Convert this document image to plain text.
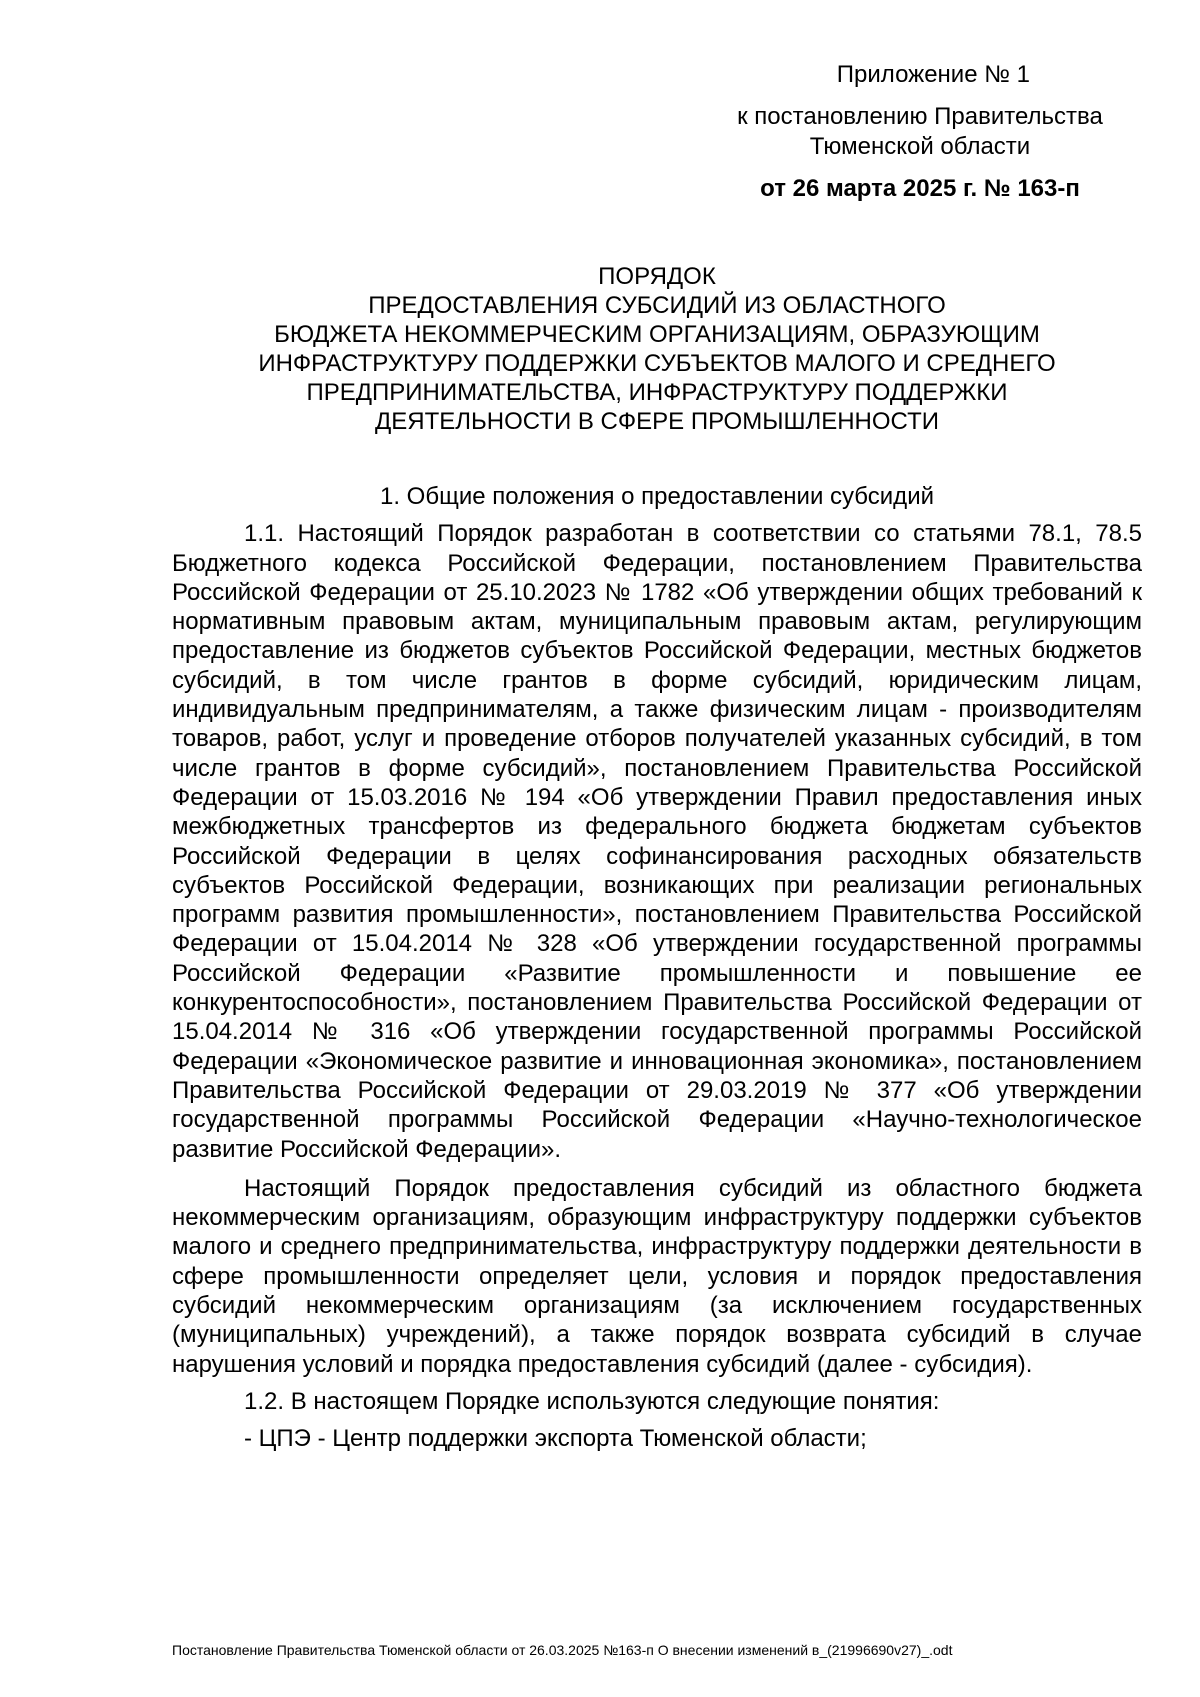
Приложение № 1
к постановлению Правительства Тюменской области
от 26 марта 2025 г. № 163-п
ПОРЯДОК
ПРЕДОСТАВЛЕНИЯ СУБСИДИЙ ИЗ ОБЛАСТНОГО
БЮДЖЕТА НЕКОММЕРЧЕСКИМ ОРГАНИЗАЦИЯМ, ОБРАЗУЮЩИМ
ИНФРАСТРУКТУРУ ПОДДЕРЖКИ СУБЪЕКТОВ МАЛОГО И СРЕДНЕГО
ПРЕДПРИНИМАТЕЛЬСТВА, ИНФРАСТРУКТУРУ ПОДДЕРЖКИ
ДЕЯТЕЛЬНОСТИ В СФЕРЕ ПРОМЫШЛЕННОСТИ
1. Общие положения о предоставлении субсидий

1.1. Настоящий Порядок разработан в соответствии со статьями 78.1, 78.5 Бюджетного кодекса Российской Федерации, постановлением Правительства Российской Федерации от 25.10.2023 № 1782 «Об утверждении общих требований к нормативным правовым актам, муниципальным правовым актам, регулирующим предоставление из бюджетов субъектов Российской Федерации, местных бюджетов субсидий, в том числе грантов в форме субсидий, юридическим лицам, индивидуальным предпринимателям, а также физическим лицам - производителям товаров, работ, услуг и проведение отборов получателей указанных субсидий, в том числе грантов в форме субсидий», постановлением Правительства Российской Федерации от 15.03.2016 № 194 «Об утверждении Правил предоставления иных межбюджетных трансфертов из федерального бюджета бюджетам субъектов Российской Федерации в целях софинансирования расходных обязательств субъектов Российской Федерации, возникающих при реализации региональных программ развития промышленности», постановлением Правительства Российской Федерации от 15.04.2014 № 328 «Об утверждении государственной программы Российской Федерации «Развитие промышленности и повышение ее конкурентоспособности», постановлением Правительства Российской Федерации от 15.04.2014 № 316 «Об утверждении государственной программы Российской Федерации «Экономическое развитие и инновационная экономика», постановлением Правительства Российской Федерации от 29.03.2019 № 377 «Об утверждении государственной программы Российской Федерации «Научно-технологическое развитие Российской Федерации».

Настоящий Порядок предоставления субсидий из областного бюджета некоммерческим организациям, образующим инфраструктуру поддержки субъектов малого и среднего предпринимательства, инфраструктуру поддержки деятельности в сфере промышленности определяет цели, условия и порядок предоставления субсидий некоммерческим организациям (за исключением государственных (муниципальных) учреждений), а также порядок возврата субсидий в случае нарушения условий и порядка предоставления субсидий (далее - субсидия).

1.2. В настоящем Порядке используются следующие понятия:

- ЦПЭ - Центр поддержки экспорта Тюменской области;

Постановление Правительства Тюменской области от 26.03.2025 №163-п О внесении изменений в_(21996690v27)_.odt
